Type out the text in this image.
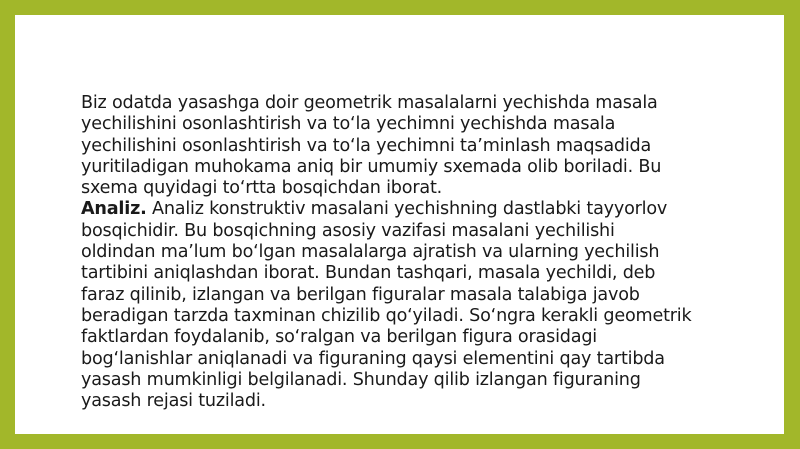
Biz odatda yasashga doir geometrik masalalarni yechishda masala
yechilishini osonlashtirish va to‘la yechimni yechishda masala
yechilishini osonlashtirish va to‘la yechimni ta’minlash maqsadida
yuritiladigan muhokama aniq bir umumiy sxemada olib boriladi. Bu
sxema quyidagi to‘rtta bosqichdan iborat.
Analiz. Analiz konstruktiv masalani yechishning dastlabki tayyorlov
bosqichidir. Bu bosqichning asosiy vazifasi masalani yechilishi
oldindan ma’lum bo‘lgan masalalarga ajratish va ularning yechilish
tartibini aniqlashdan iborat. Bundan tashqari, masala yechildi, deb
faraz qilinib, izlangan va berilgan figuralar masala talabiga javob
beradigan tarzda taxminan chizilib qo‘yiladi. So‘ngra kerakli geometrik
faktlardan foydalanib, so‘ralgan va berilgan figura orasidagi
bog‘lanishlar aniqlanadi va figuraning qaysi elementini qay tartibda
yasash mumkinligi belgilanadi. Shunday qilib izlangan figuraning
yasash rejasi tuziladi.
